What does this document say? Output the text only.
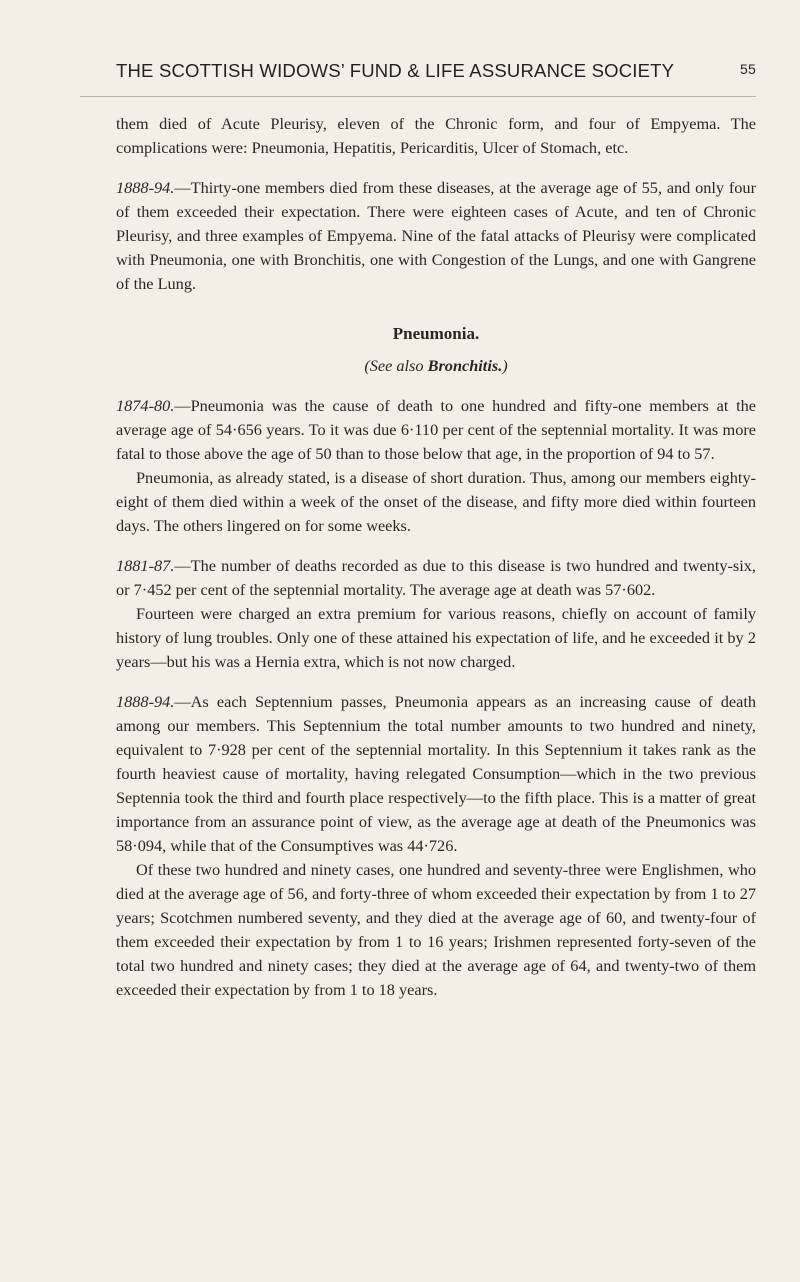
THE SCOTTISH WIDOWS’ FUND & LIFE ASSURANCE SOCIETY	55

them died of Acute Pleurisy, eleven of the Chronic form, and four of Empyema. The complications were: Pneumonia, Hepatitis, Pericarditis, Ulcer of Stomach, etc.

1888-94.—Thirty-one members died from these diseases, at the average age of 55, and only four of them exceeded their expectation. There were eighteen cases of Acute, and ten of Chronic Pleurisy, and three examples of Empyema. Nine of the fatal attacks of Pleurisy were complicated with Pneumonia, one with Bronchitis, one with Congestion of the Lungs, and one with Gangrene of the Lung.

Pneumonia.
(See also Bronchitis.)

1874-80.—Pneumonia was the cause of death to one hundred and fifty-one members at the average age of 54·656 years. To it was due 6·110 per cent of the septennial mortality. It was more fatal to those above the age of 50 than to those below that age, in the proportion of 94 to 57.

Pneumonia, as already stated, is a disease of short duration. Thus, among our members eighty-eight of them died within a week of the onset of the disease, and fifty more died within fourteen days. The others lingered on for some weeks.

1881-87.—The number of deaths recorded as due to this disease is two hundred and twenty-six, or 7·452 per cent of the septennial mortality. The average age at death was 57·602.

Fourteen were charged an extra premium for various reasons, chiefly on account of family history of lung troubles. Only one of these attained his expectation of life, and he exceeded it by 2 years—but his was a Hernia extra, which is not now charged.

1888-94.—As each Septennium passes, Pneumonia appears as an increasing cause of death among our members. This Septennium the total number amounts to two hundred and ninety, equivalent to 7·928 per cent of the septennial mortality. In this Septennium it takes rank as the fourth heaviest cause of mortality, having relegated Consumption—which in the two previous Septennia took the third and fourth place respectively—to the fifth place. This is a matter of great importance from an assurance point of view, as the average age at death of the Pneumonics was 58·094, while that of the Consumptives was 44·726.

Of these two hundred and ninety cases, one hundred and seventy-three were Englishmen, who died at the average age of 56, and forty-three of whom exceeded their expectation by from 1 to 27 years; Scotchmen numbered seventy, and they died at the average age of 60, and twenty-four of them exceeded their expectation by from 1 to 16 years; Irishmen represented forty-seven of the total two hundred and ninety cases; they died at the average age of 64, and twenty-two of them exceeded their expectation by from 1 to 18 years.
